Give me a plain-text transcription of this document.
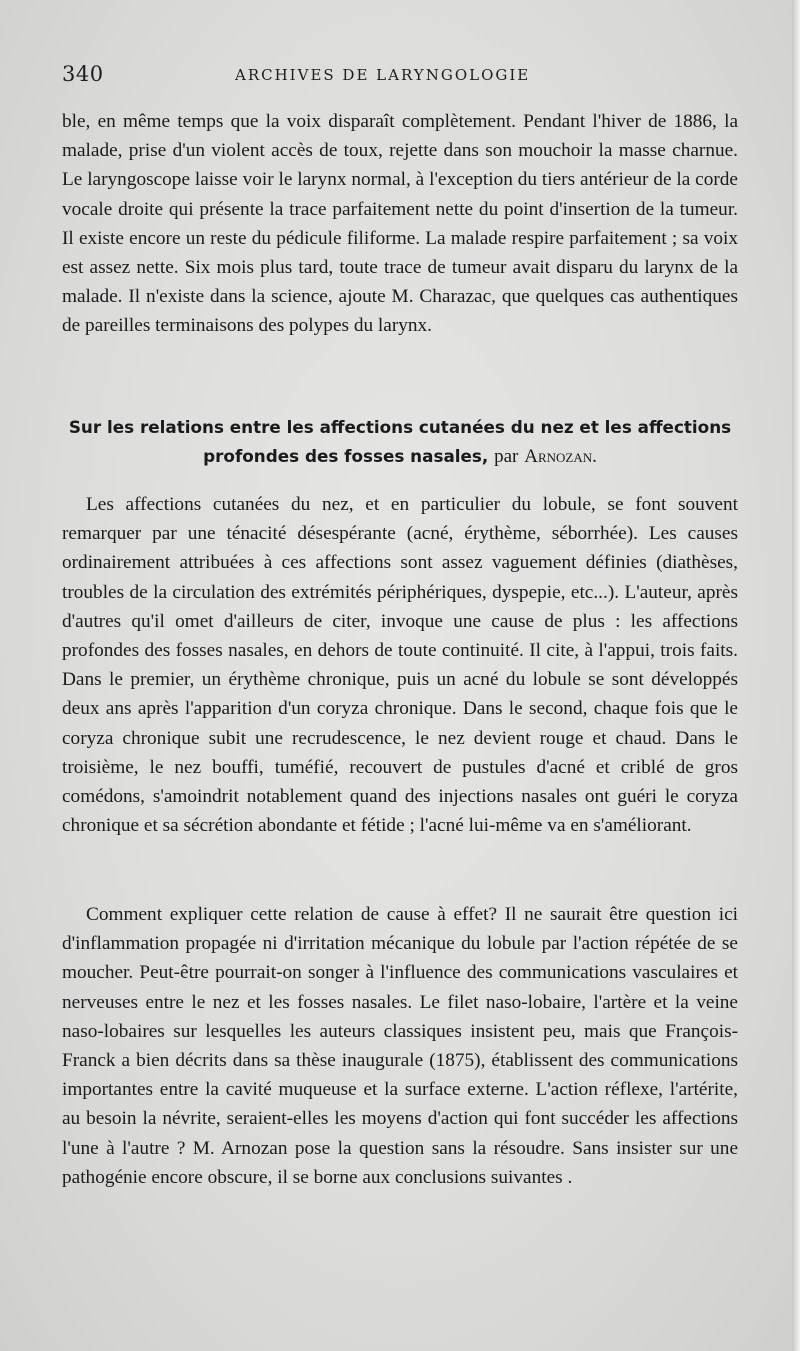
340	ARCHIVES DE LARYNGOLOGIE

ble, en même temps que la voix disparaît complètement. Pendant l'hiver de 1886, la malade, prise d'un violent accès de toux, rejette dans son mouchoir la masse charnue. Le laryngoscope laisse voir le larynx normal, à l'exception du tiers antérieur de la corde vocale droite qui présente la trace parfaitement nette du point d'insertion de la tumeur. Il existe encore un reste du pédicule filiforme. La malade respire parfaitement ; sa voix est assez nette. Six mois plus tard, toute trace de tumeur avait disparu du larynx de la malade. Il n'existe dans la science, ajoute M. Charazac, que quelques cas authentiques de pareilles terminaisons des polypes du larynx.

Sur les relations entre les affections cutanées du nez et les affections profondes des fosses nasales, par Arnozan.

Les affections cutanées du nez, et en particulier du lobule, se font souvent remarquer par une ténacité désespérante (acné, érythème, séborrhée). Les causes ordinairement attribuées à ces affections sont assez vaguement définies (diathèses, troubles de la circulation des extrémités périphériques, dyspepie, etc...). L'auteur, après d'autres qu'il omet d'ailleurs de citer, invoque une cause de plus : les affections profondes des fosses nasales, en dehors de toute continuité. Il cite, à l'appui, trois faits. Dans le premier, un érythème chronique, puis un acné du lobule se sont développés deux ans après l'apparition d'un coryza chronique. Dans le second, chaque fois que le coryza chronique subit une recrudescence, le nez devient rouge et chaud. Dans le troisième, le nez bouffi, tuméfié, recouvert de pustules d'acné et criblé de gros comédons, s'amoindrit notablement quand des injections nasales ont guéri le coryza chronique et sa sécrétion abondante et fétide ; l'acné lui-même va en s'améliorant.

Comment expliquer cette relation de cause à effet? Il ne saurait être question ici d'inflammation propagée ni d'irritation mécanique du lobule par l'action répétée de se moucher. Peut-être pourrait-on songer à l'influence des communications vasculaires et nerveuses entre le nez et les fosses nasales. Le filet naso-lobaire, l'artère et la veine naso-lobaires sur lesquelles les auteurs classiques insistent peu, mais que François-Franck a bien décrits dans sa thèse inaugurale (1875), établissent des communications importantes entre la cavité muqueuse et la surface externe. L'action réflexe, l'artérite, au besoin la névrite, seraient-elles les moyens d'action qui font succéder les affections l'une à l'autre ? M. Arnozan pose la question sans la résoudre. Sans insister sur une pathogénie encore obscure, il se borne aux conclusions suivantes .
